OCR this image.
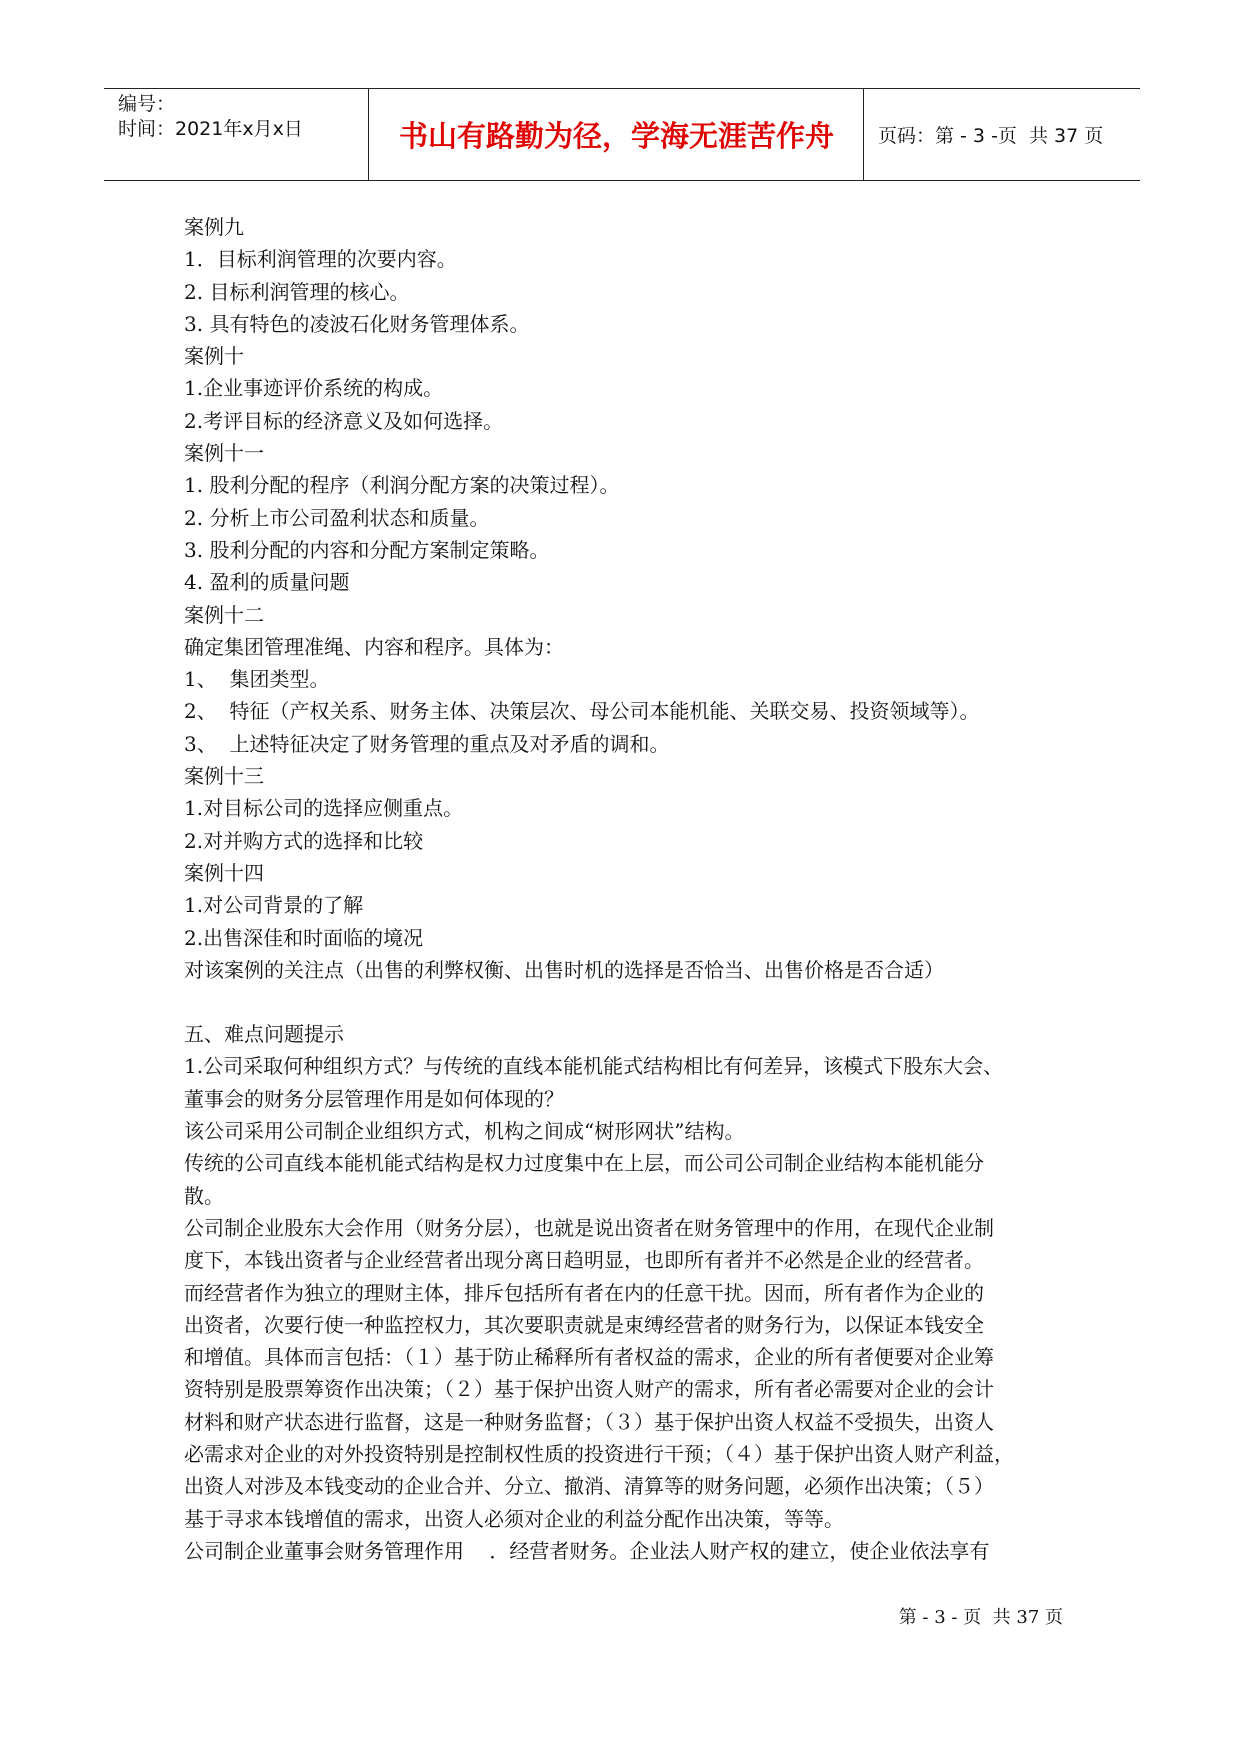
编号：
时间：2021年x月x日	书山有路勤为径，学海无涯苦作舟	页码：第 - 3 -页  共 37 页
案例九
1．目标利润管理的次要内容。
2. 目标利润管理的核心。
3. 具有特色的凌波石化财务管理体系。
案例十
1.企业事迹评价系统的构成。
2.考评目标的经济意义及如何选择。
案例十一
1. 股利分配的程序（利润分配方案的决策过程）。
2. 分析上市公司盈利状态和质量。
3. 股利分配的内容和分配方案制定策略。
4. 盈利的质量问题
案例十二
确定集团管理准绳、内容和程序。具体为：
1、  集团类型。
2、  特征（产权关系、财务主体、决策层次、母公司本能机能、关联交易、投资领域等）。
3、  上述特征决定了财务管理的重点及对矛盾的调和。
案例十三
1.对目标公司的选择应侧重点。
2.对并购方式的选择和比较
案例十四
1.对公司背景的了解
2.出售深佳和时面临的境况
对该案例的关注点（出售的利弊权衡、出售时机的选择是否恰当、出售价格是否合适）
五、难点问题提示
1.公司采取何种组织方式？与传统的直线本能机能式结构相比有何差异，该模式下股东大会、
董事会的财务分层管理作用是如何体现的？
该公司采用公司制企业组织方式，机构之间成“树形网状”结构。
传统的公司直线本能机能式结构是权力过度集中在上层，而公司公司制企业结构本能机能分
散。
公司制企业股东大会作用（财务分层），也就是说出资者在财务管理中的作用，在现代企业制
度下，本钱出资者与企业经营者出现分离日趋明显，也即所有者并不必然是企业的经营者。
而经营者作为独立的理财主体，排斥包括所有者在内的任意干扰。因而，所有者作为企业的
出资者，次要行使一种监控权力，其次要职责就是束缚经营者的财务行为，以保证本钱安全
和增值。具体而言包括：（１）基于防止稀释所有者权益的需求，企业的所有者便要对企业筹
资特别是股票筹资作出决策；（２）基于保护出资人财产的需求，所有者必需要对企业的会计
材料和财产状态进行监督，这是一种财务监督；（３）基于保护出资人权益不受损失，出资人
必需求对企业的对外投资特别是控制权性质的投资进行干预；（４）基于保护出资人财产利益，
出资人对涉及本钱变动的企业合并、分立、撤消、清算等的财务问题，必须作出决策；（５）
基于寻求本钱增值的需求，出资人必须对企业的利益分配作出决策，等等。
公司制企业董事会财务管理作用    ．经营者财务。企业法人财产权的建立，使企业依法享有
第 - 3 - 页  共 37 页
